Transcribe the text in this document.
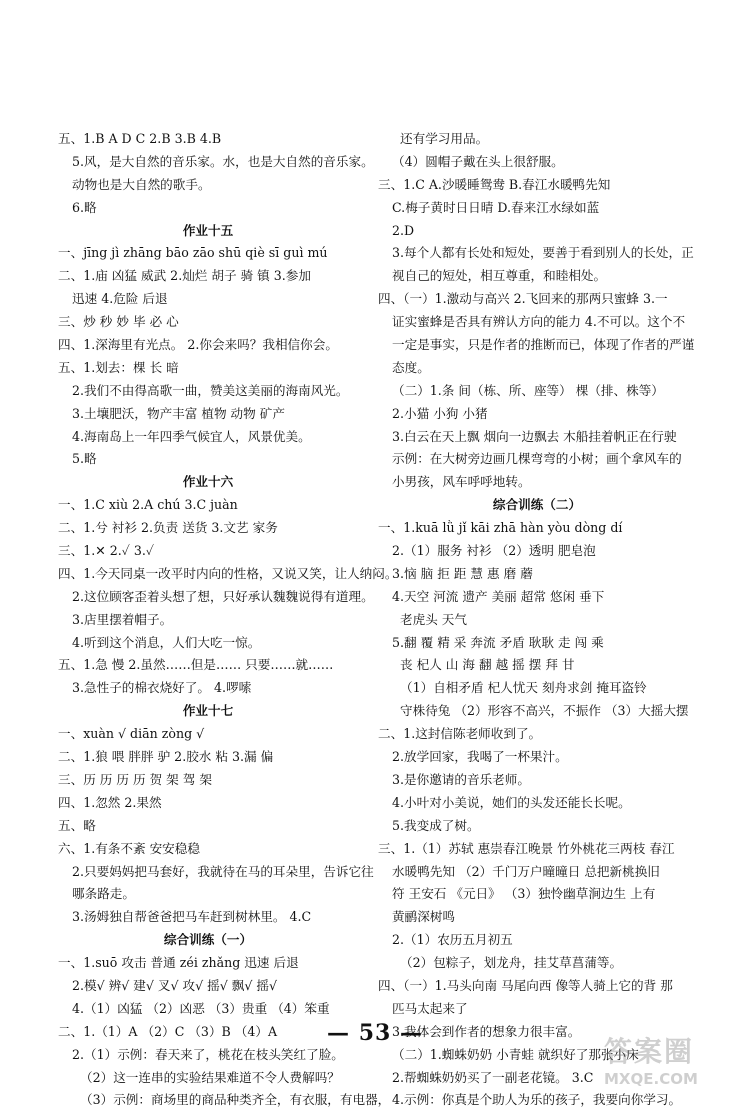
五、1.B A D C 2.B 3.B 4.B
5.风，是大自然的音乐家。水，也是大自然的音乐家。
动物也是大自然的歌手。
6.略
作业十五
一、jīng jì zhāng bāo zāo shū qiè sī guì mú
二、1.庙 凶猛 威武 2.灿烂 胡子 骑 镇 3.参加
迅速 4.危险 后退
三、炒 秒 妙 毕 必 心
四、1.深海里有光点。 2.你会来吗？我相信你会。
五、1.划去：棵 长 暗
2.我们不由得高歌一曲，赞美这美丽的海南风光。
3.土壤肥沃，物产丰富 植物 动物 矿产
4.海南岛上一年四季气候宜人，风景优美。
5.略
作业十六
一、1.C xiù 2.A chú 3.C juàn
二、1.兮 衬衫 2.负责 送货 3.文艺 家务
三、1.✕ 2.✓ 3.✓
四、1.今天同桌一改平时内向的性格，又说又笑，让人纳闷。
2.这位顾客歪着头想了想，只好承认魏魏说得有道理。
3.店里摆着帽子。
4.听到这个消息，人们大吃一惊。
五、1.急 慢 2.虽然……但是…… 只要……就……
3.急性子的棉衣烧好了。 4.啰嗦
作业十七
一、xuàn √ diān zòng √
二、1.狼 喂 胖胖 驴 2.胶水 粘 3.漏 偏
三、历 历 历 历 贺 架 驾 架
四、1.忽然 2.果然
五、略
六、1.有条不紊 安安稳稳
2.只要妈妈把马套好，我就待在马的耳朵里，告诉它往
哪条路走。
3.汤姆独自帮爸爸把马车赶到树林里。 4.C
综合训练（一）
一、1.suō 攻击 普通 zéi zhǎng 迅速 后退
2.模√ 辨√ 建√ 叉√ 攻√ 摇√ 飘√ 摇√
4.（1）凶猛 （2）凶恶 （3）贵重 （4）笨重
二、1.（1）A （2）C （3）B （4）A
2.（1）示例：春天来了，桃花在枝头笑红了脸。
（2）这一连串的实验结果难道不令人费解吗？
（3）示例：商场里的商品种类齐全，有衣服，有电器，
还有学习用品。
（4）圆帽子戴在头上很舒服。
三、1.C A.沙暖睡鸳鸯 B.春江水暖鸭先知
C.梅子黄时日日晴 D.春来江水绿如蓝
2.D
3.每个人都有长处和短处，要善于看到别人的长处，正
视自己的短处，相互尊重，和睦相处。
四、（一）1.激动与高兴 2.飞回来的那两只蜜蜂 3.一
证实蜜蜂是否具有辨认方向的能力 4.不可以。这个不
一定是事实，只是作者的推断而已，体现了作者的严谨
态度。
（二）1.条 间（栋、所、座等） 棵（排、株等）
2.小猫 小狗 小猪
3.白云在天上飘 烟向一边飘去 木船挂着帆正在行驶
示例：在大树旁边画几棵弯弯的小树；画个拿风车的
小男孩，风车呼呼地转。
综合训练（二）
一、1.kuā lǜ jǐ kāi zhā hàn yòu dòng dí
2.（1）服务 衬衫 （2）透明 肥皂泡
3.恼 脑 拒 距 慧 惠 磨 蘑
4.天空 河流 遗产 美丽 超常 悠闲 垂下
老虎头 天气
5.翻 覆 精 采 奔流 矛盾 耿耿 走 闯 乘
丧 杞人 山 海 翻 越 摇 摆 拜 甘
（1）自相矛盾 杞人忧天 刻舟求剑 掩耳盗铃
守株待兔 （2）形容不高兴，不振作 （3）大摇大摆
二、1.这封信陈老师收到了。
2.放学回家，我喝了一杯果汁。
3.是你邀请的音乐老师。
4.小叶对小美说，她们的头发还能长长呢。
5.我变成了树。
三、1.（1）苏轼 惠崇春江晚景 竹外桃花三两枝 春江
水暖鸭先知 （2）千门万户曈曈日 总把新桃换旧
符 王安石 《元日》 （3）独怜幽草涧边生 上有
黄鹂深树鸣
2.（1）农历五月初五
（2）包粽子，划龙舟，挂艾草菖蒲等。
四、（一）1.马头向南 马尾向西 像等人骑上它的背 那
匹马太起来了
3.我体会到作者的想象力很丰富。
（二）1.蜘蛛奶奶 小青蛙 就织好了那张小床
2.帮蜘蛛奶奶买了一副老花镜。 3.C
4.示例：你真是个助人为乐的孩子，我要向你学习。
— 53 —
答案圈
MXQE.COM
